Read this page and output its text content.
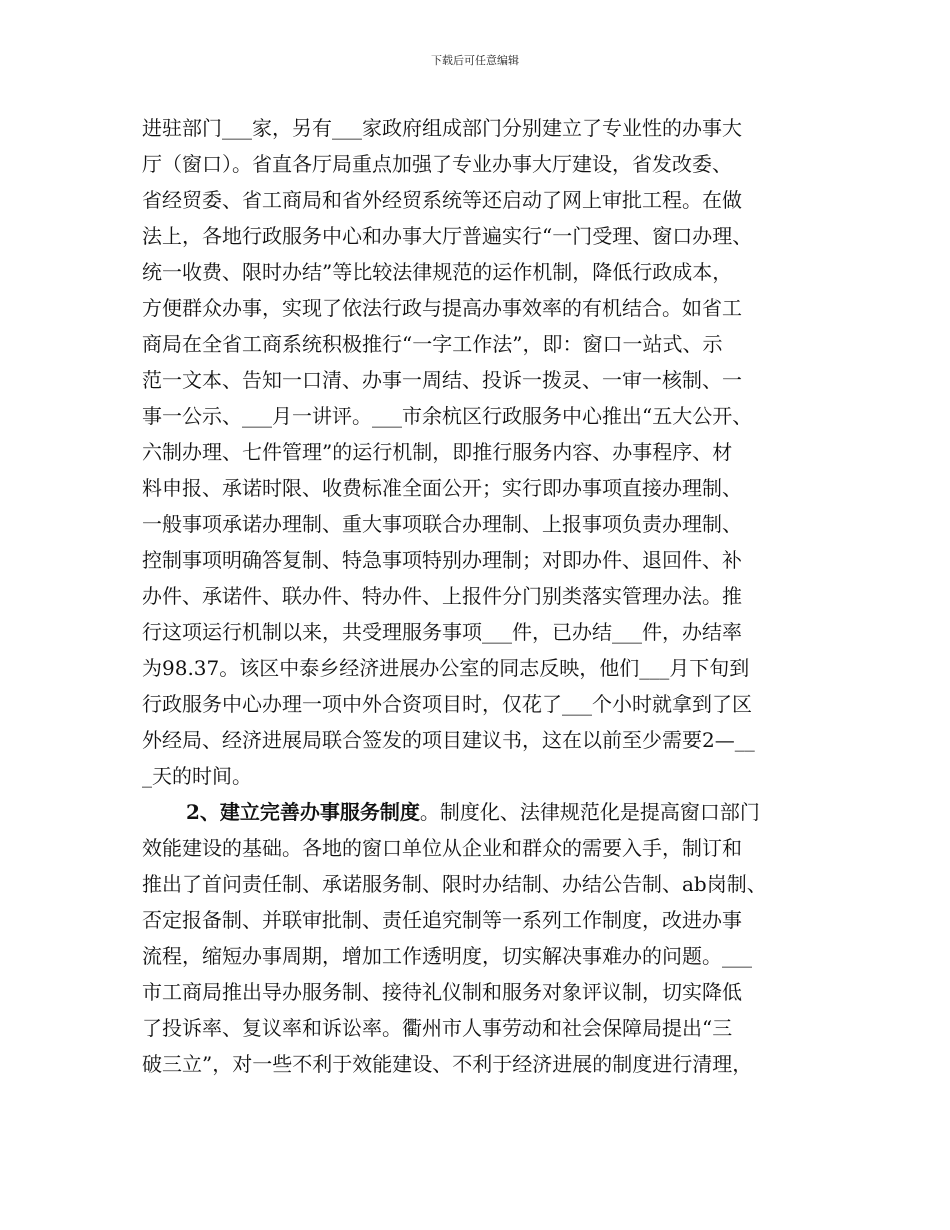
下载后可任意编辑
进驻部门___家，另有___家政府组成部门分别建立了专业性的办事大
厅（窗口）。省直各厅局重点加强了专业办事大厅建设，省发改委、
省经贸委、省工商局和省外经贸系统等还启动了网上审批工程。在做
法上，各地行政服务中心和办事大厅普遍实行“一门受理、窗口办理、
统一收费、限时办结”等比较法律规范的运作机制，降低行政成本，
方便群众办事，实现了依法行政与提高办事效率的有机结合。如省工
商局在全省工商系统积极推行“一字工作法”，即：窗口一站式、示
范一文本、告知一口清、办事一周结、投诉一拨灵、一审一核制、一
事一公示、___月一讲评。___市余杭区行政服务中心推出“五大公开、
六制办理、七件管理”的运行机制，即推行服务内容、办事程序、材
料申报、承诺时限、收费标准全面公开；实行即办事项直接办理制、
一般事项承诺办理制、重大事项联合办理制、上报事项负责办理制、
控制事项明确答复制、特急事项特别办理制；对即办件、退回件、补
办件、承诺件、联办件、特办件、上报件分门别类落实管理办法。推
行这项运行机制以来，共受理服务事项___件，已办结___件，办结率
为98.37。该区中泰乡经济进展办公室的同志反映，他们___月下旬到
行政服务中心办理一项中外合资项目时，仅花了___个小时就拿到了区
外经局、经济进展局联合签发的项目建议书，这在以前至少需要2—__
_天的时间。
2、建立完善办事服务制度。制度化、法律规范化是提高窗口部门
效能建设的基础。各地的窗口单位从企业和群众的需要入手，制订和
推出了首问责任制、承诺服务制、限时办结制、办结公告制、ab岗制、
否定报备制、并联审批制、责任追究制等一系列工作制度，改进办事
流程，缩短办事周期，增加工作透明度，切实解决事难办的问题。___
市工商局推出导办服务制、接待礼仪制和服务对象评议制，切实降低
了投诉率、复议率和诉讼率。衢州市人事劳动和社会保障局提出“三
破三立”，对一些不利于效能建设、不利于经济进展的制度进行清理，
